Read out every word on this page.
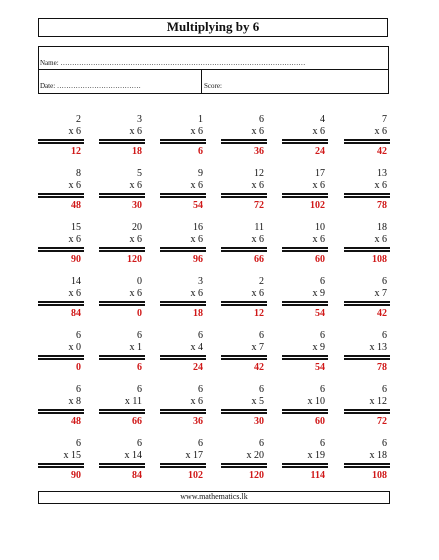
Multiplying by 6
Name: ……………………………………………………………………………………………
Date: ………………………………	Score:
2
x 6
12
3
x 6
18
1
x 6
6
6
x 6
36
4
x 6
24
7
x 6
42
8
x 6
48
5
x 6
30
9
x 6
54
12
x 6
72
17
x 6
102
13
x 6
78
15
x 6
90
20
x 6
120
16
x 6
96
11
x 6
66
10
x 6
60
18
x 6
108
14
x 6
84
0
x 6
0
3
x 6
18
2
x 6
12
6
x 9
54
6
x 7
42
6
x 0
0
6
x 1
6
6
x 4
24
6
x 7
42
6
x 9
54
6
x 13
78
6
x 8
48
6
x 11
66
6
x 6
36
6
x 5
30
6
x 10
60
6
x 12
72
6
x 15
90
6
x 14
84
6
x 17
102
6
x 20
120
6
x 19
114
6
x 18
108
www.mathematics.lk
